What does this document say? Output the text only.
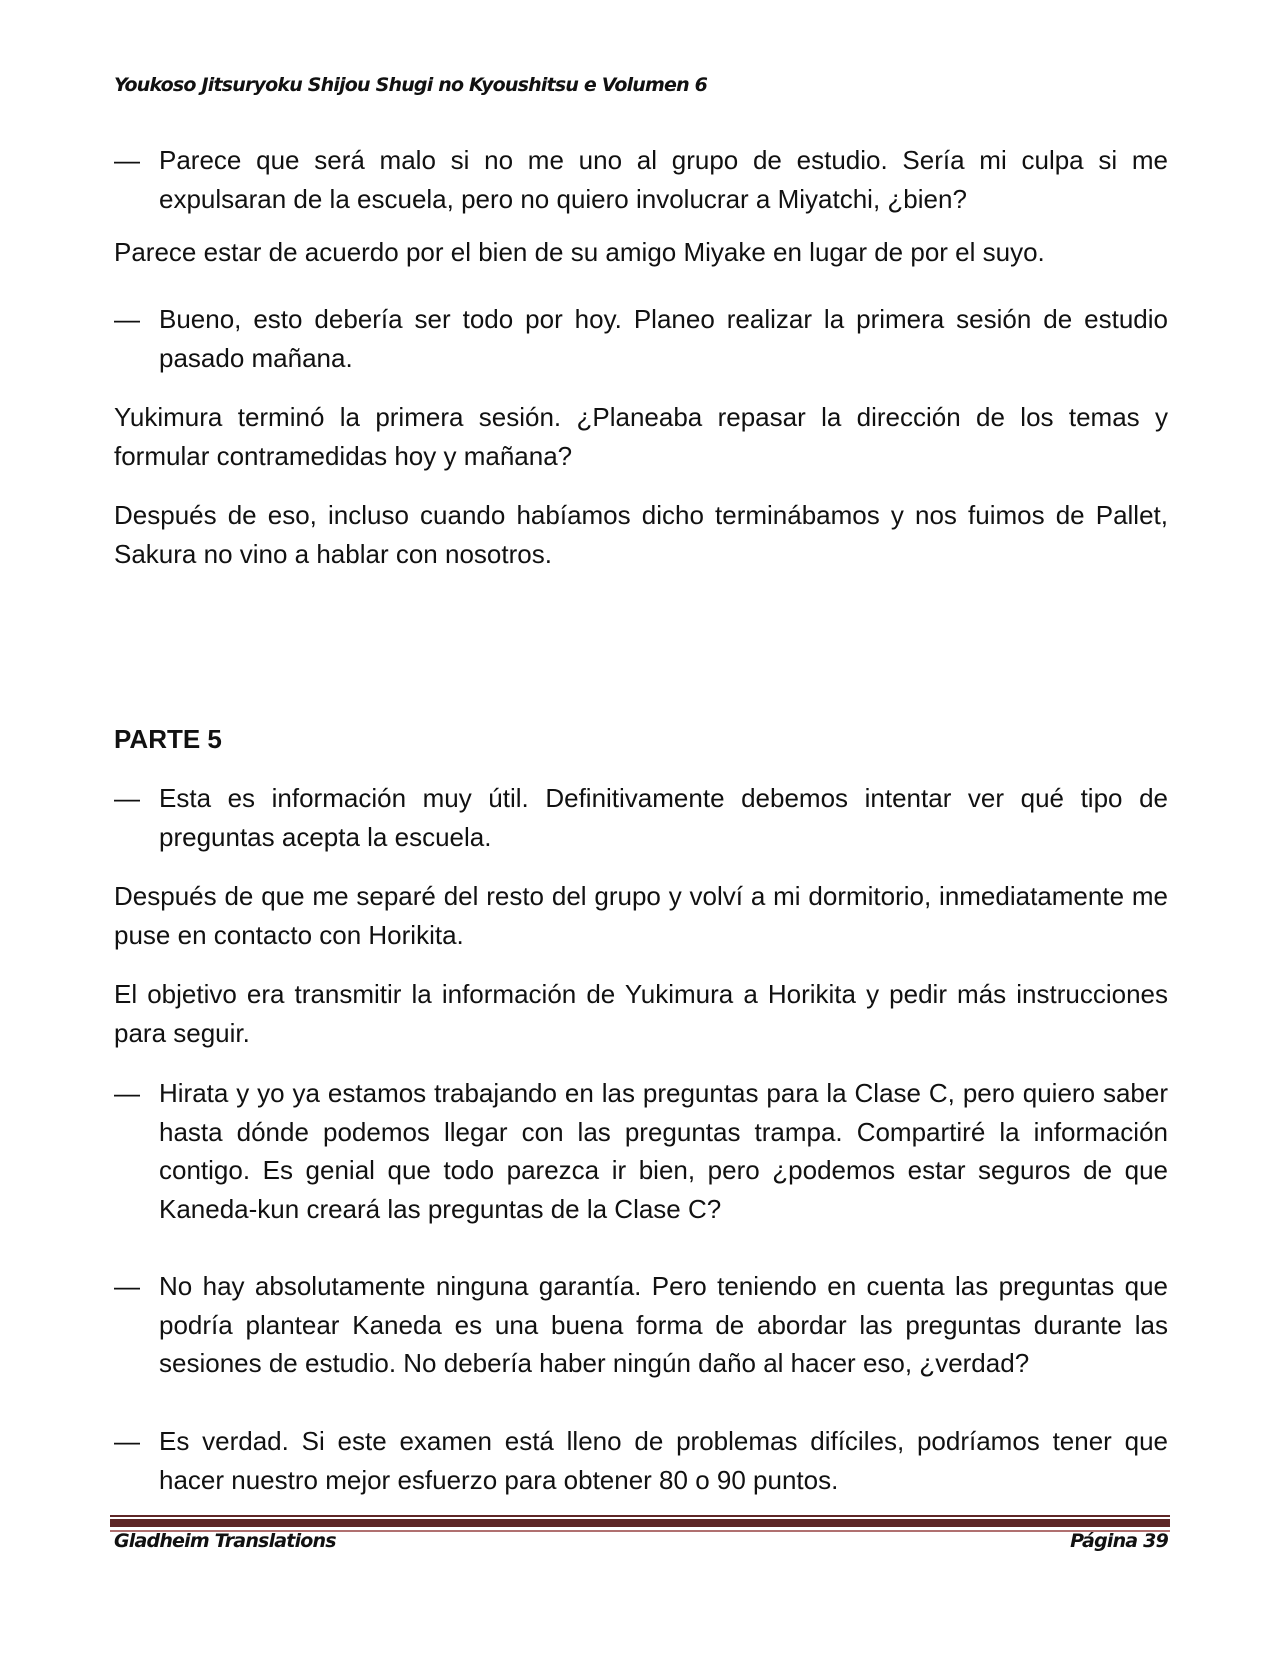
Youkoso Jitsuryoku Shijou Shugi no Kyoushitsu e Volumen 6
— Parece que será malo si no me uno al grupo de estudio. Sería mi culpa si me expulsaran de la escuela, pero no quiero involucrar a Miyatchi, ¿bien?
Parece estar de acuerdo por el bien de su amigo Miyake en lugar de por el suyo.
— Bueno, esto debería ser todo por hoy. Planeo realizar la primera sesión de estudio pasado mañana.
Yukimura terminó la primera sesión. ¿Planeaba repasar la dirección de los temas y formular contramedidas hoy y mañana?
Después de eso, incluso cuando habíamos dicho terminábamos y nos fuimos de Pallet, Sakura no vino a hablar con nosotros.
PARTE 5
— Esta es información muy útil. Definitivamente debemos intentar ver qué tipo de preguntas acepta la escuela.
Después de que me separé del resto del grupo y volví a mi dormitorio, inmediatamente me puse en contacto con Horikita.
El objetivo era transmitir la información de Yukimura a Horikita y pedir más instrucciones para seguir.
— Hirata y yo ya estamos trabajando en las preguntas para la Clase C, pero quiero saber hasta dónde podemos llegar con las preguntas trampa. Compartiré la información contigo. Es genial que todo parezca ir bien, pero ¿podemos estar seguros de que Kaneda-kun creará las preguntas de la Clase C?
— No hay absolutamente ninguna garantía. Pero teniendo en cuenta las preguntas que podría plantear Kaneda es una buena forma de abordar las preguntas durante las sesiones de estudio. No debería haber ningún daño al hacer eso, ¿verdad?
— Es verdad. Si este examen está lleno de problemas difíciles, podríamos tener que hacer nuestro mejor esfuerzo para obtener 80 o 90 puntos.
Gladheim Translations	Página 39
